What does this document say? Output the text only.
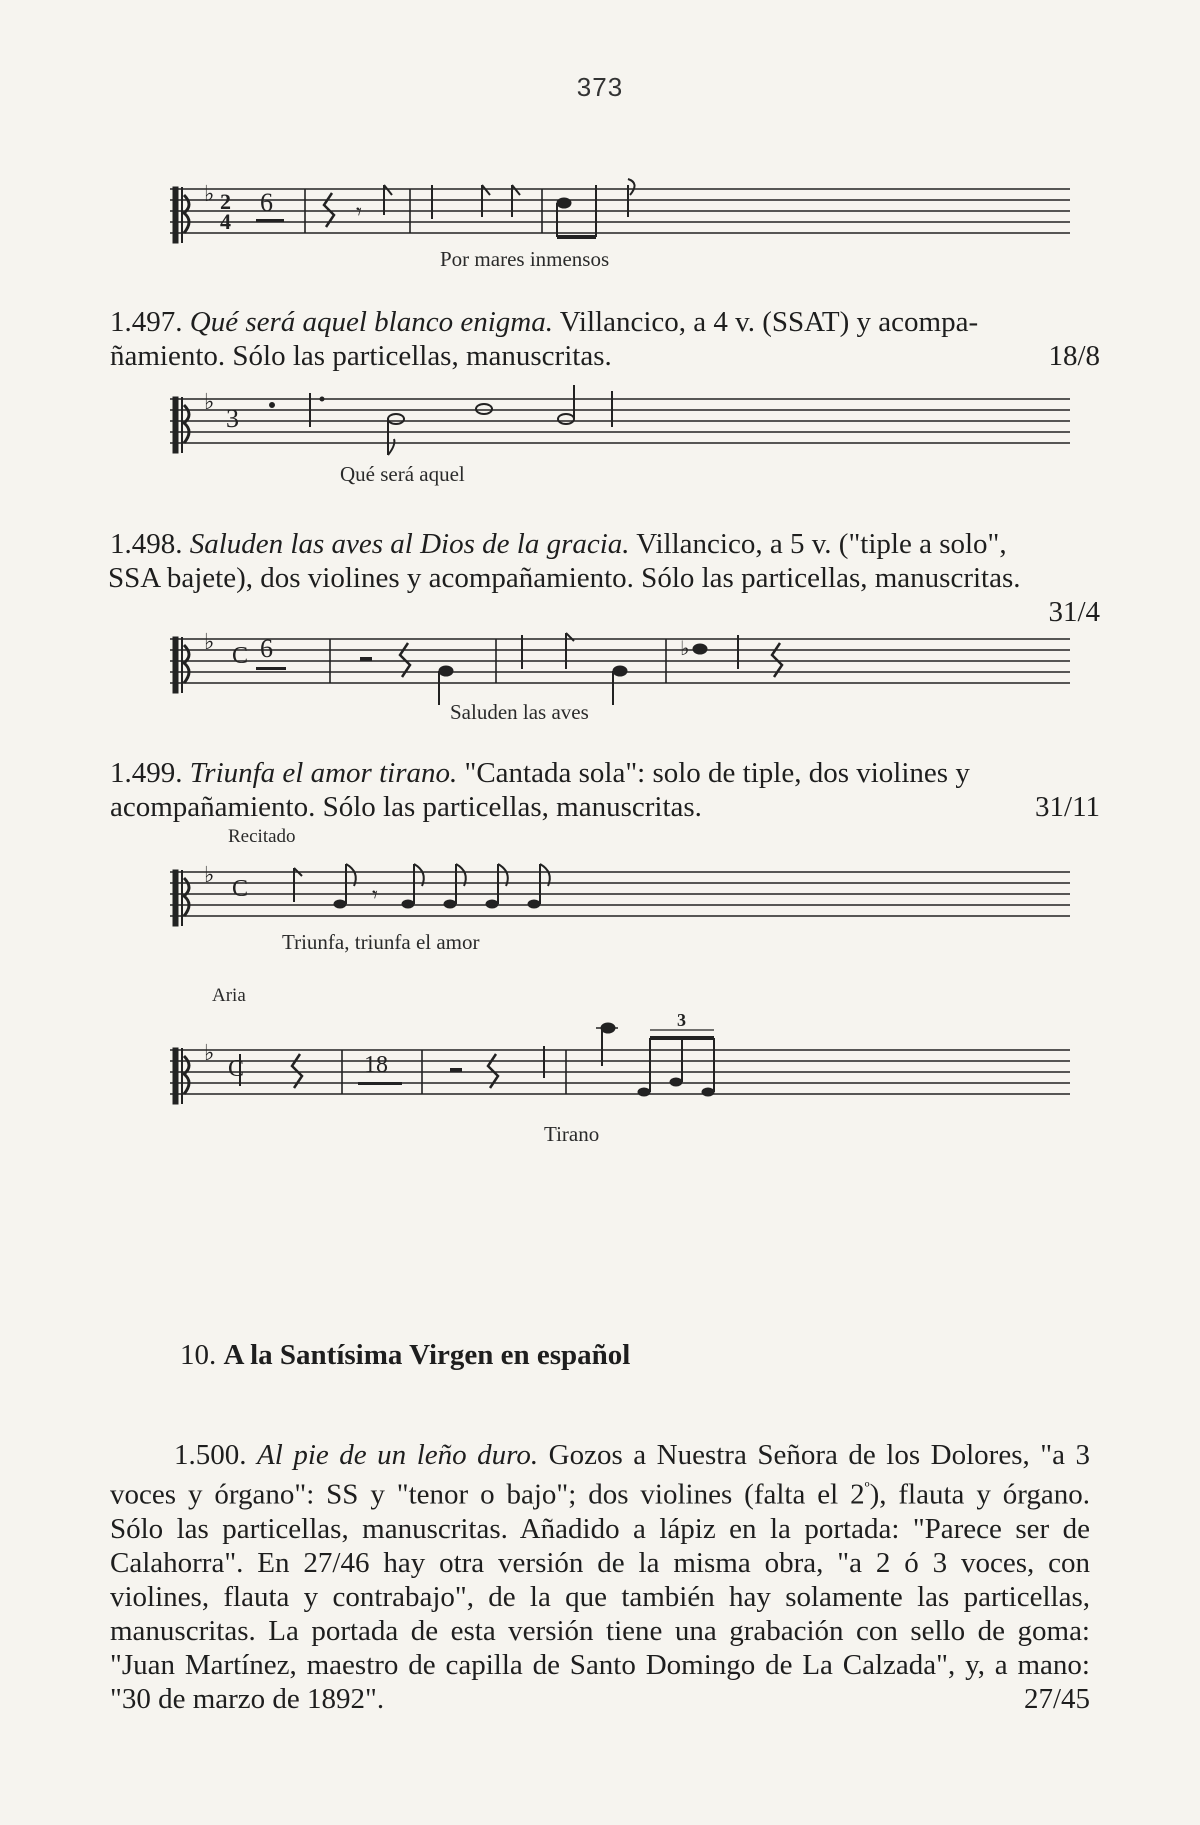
373
♭ 2
4
6	𝄾
Por mares inmensos
1.497. Qué será aquel blanco enigma. Villancico, a 4 v. (SSAT) y acompa-
ñamiento. Sólo las particellas, manuscritas.	18/8
♭
3
Qué será aquel
1.498. Saluden las aves al Dios de la gracia. Villancico, a 5 v. ("tiple a solo",
SSA bajete), dos violines y acompañamiento. Sólo las particellas, manuscritas.
31/4
♭
C 6	♭
Saluden las aves
1.499. Triunfa el amor tirano. "Cantada sola": solo de tiple, dos violines y
acompañamiento. Sólo las particellas, manuscritas.	31/11
Recitado
♭
C	𝄾
Triunfa, triunfa el amor
Aria
♭
C	18
3
Tirano
10. A la Santísima Virgen en español
1.500. Al pie de un leño duro. Gozos a Nuestra Señora de los Dolores, "a 3
voces y órgano": SS y "tenor o bajo"; dos violines (falta el $2^º$), flauta y órgano.
Sólo las particellas, manuscritas. Añadido a lápiz en la portada: "Parece ser de
Calahorra". En 27/46 hay otra versión de la misma obra, "a 2 ó 3 voces, con
violines, flauta y contrabajo", de la que también hay solamente las particellas,
manuscritas. La portada de esta versión tiene una grabación con sello de goma:
"Juan Martínez, maestro de capilla de Santo Domingo de La Calzada", y, a mano:
"30 de marzo de 1892".	27/45
